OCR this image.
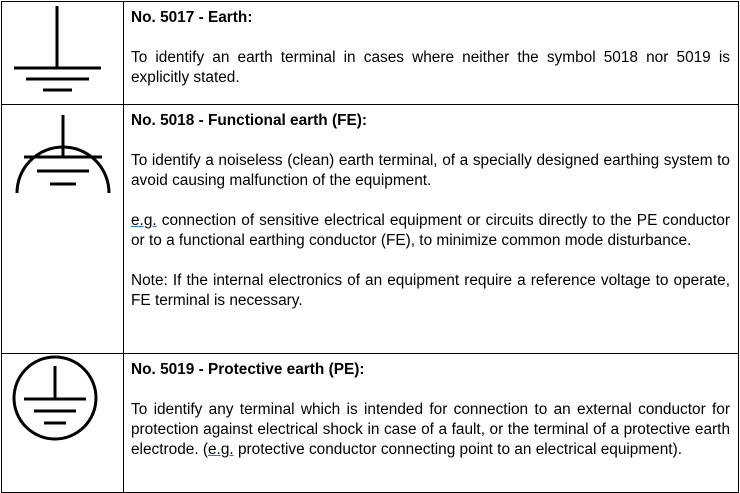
No. 5017 - Earth:
To identify an earth terminal in cases where neither the symbol 5018 nor 5019 is explicitly stated.

No. 5018 - Functional earth (FE):
To identify a noiseless (clean) earth terminal, of a specially designed earthing system to avoid causing malfunction of the equipment.
e.g. connection of sensitive electrical equipment or circuits directly to the PE conductor or to a functional earthing conductor (FE), to minimize common mode disturbance.
Note: If the internal electronics of an equipment require a reference voltage to operate, FE terminal is necessary.

No. 5019 - Protective earth (PE):
To identify any terminal which is intended for connection to an external conductor for protection against electrical shock in case of a fault, or the terminal of a protective earth electrode. (e.g. protective conductor connecting point to an electrical equipment).
